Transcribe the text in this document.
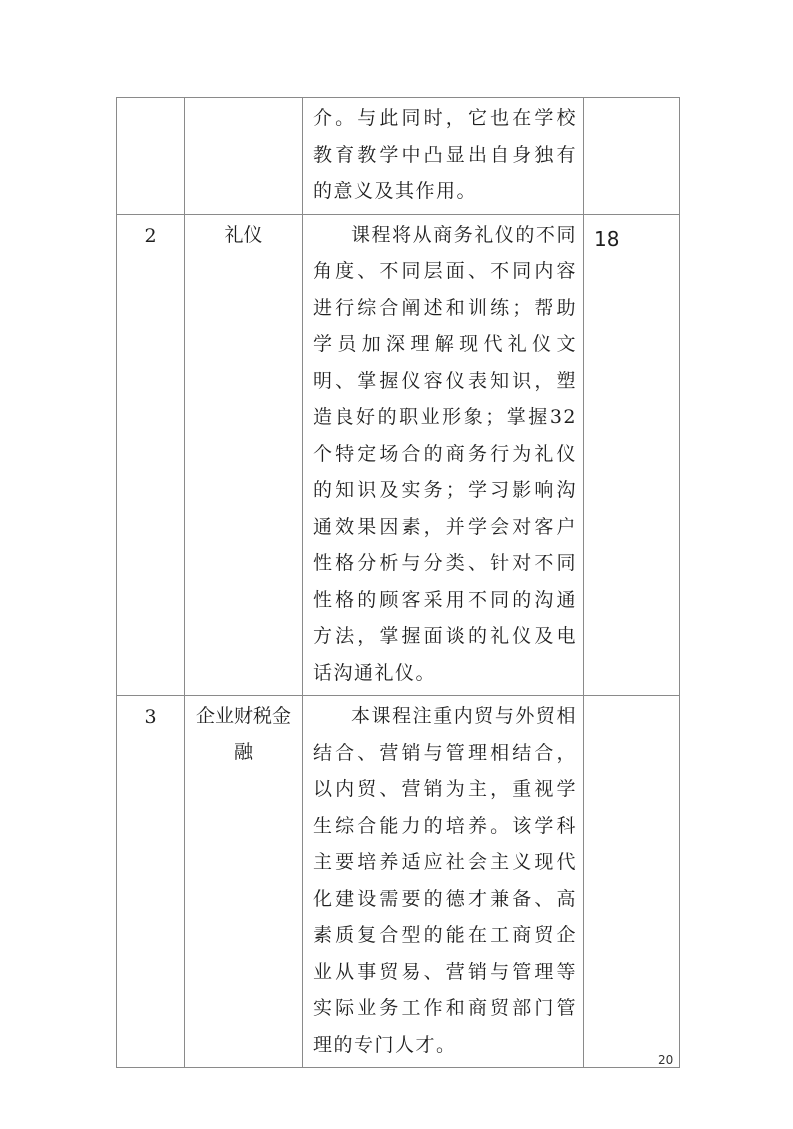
		介。与此同时，它也在学校教育教学中凸显出自身独有的意义及其作用。	
2	礼仪	课程将从商务礼仪的不同角度、不同层面、不同内容进行综合阐述和训练；帮助学员加深理解现代礼仪文明、掌握仪容仪表知识，塑造良好的职业形象；掌握32个特定场合的商务行为礼仪的知识及实务；学习影响沟通效果因素，并学会对客户性格分析与分类、针对不同性格的顾客采用不同的沟通方法，掌握面谈的礼仪及电话沟通礼仪。	18
3	企业财税金融	本课程注重内贸与外贸相结合、营销与管理相结合，以内贸、营销为主，重视学生综合能力的培养。该学科主要培养适应社会主义现代化建设需要的德才兼备、高素质复合型的能在工商贸企业从事贸易、营销与管理等实际业务工作和商贸部门管理的专门人才。	
20
